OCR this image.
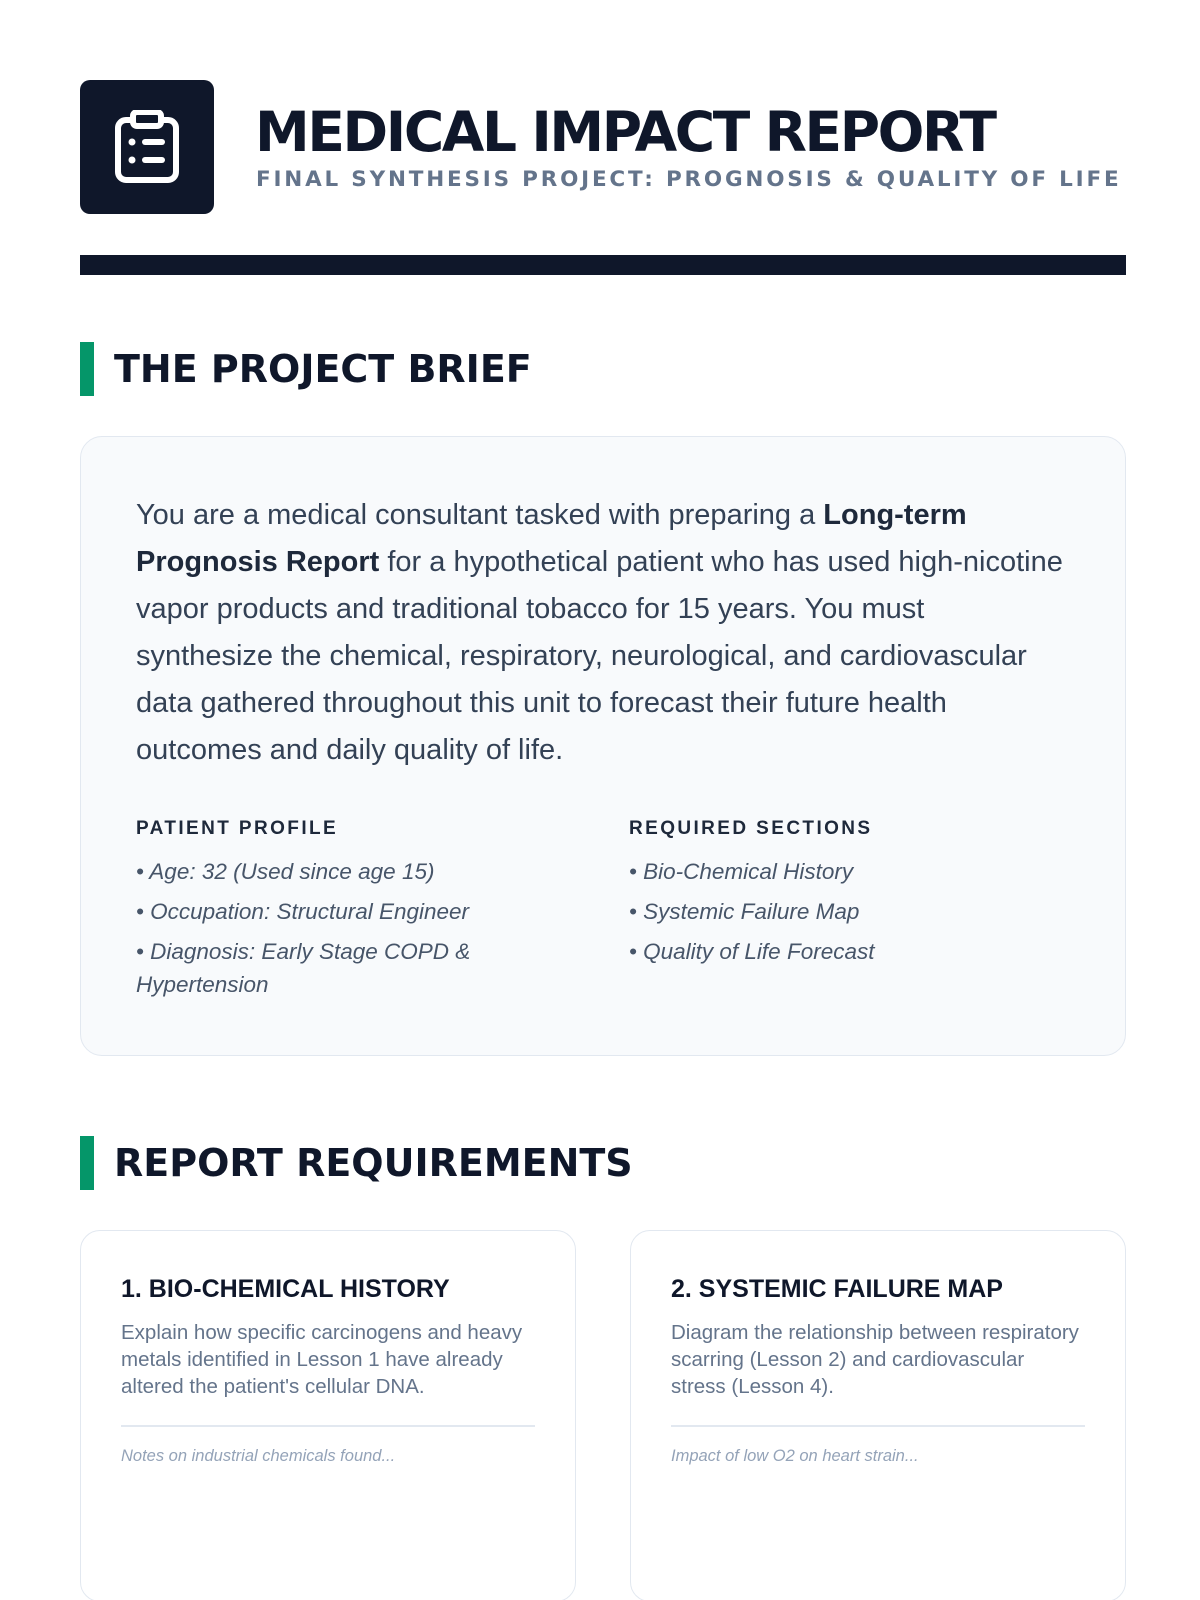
MEDICAL IMPACT REPORT
FINAL SYNTHESIS PROJECT: PROGNOSIS & QUALITY OF LIFE
THE PROJECT BRIEF

You are a medical consultant tasked with preparing a Long-term Prognosis Report for a hypothetical patient who has used high-nicotine vapor products and traditional tobacco for 15 years. You must synthesize the chemical, respiratory, neurological, and cardiovascular data gathered throughout this unit to forecast their future health outcomes and daily quality of life.

PATIENT PROFILE
• Age: 32 (Used since age 15)
• Occupation: Structural Engineer
• Diagnosis: Early Stage COPD & Hypertension
REQUIRED SECTIONS
• Bio-Chemical History
• Systemic Failure Map
• Quality of Life Forecast
REPORT REQUIREMENTS
1. BIO-CHEMICAL HISTORY
Explain how specific carcinogens and heavy metals identified in Lesson 1 have already altered the patient's cellular DNA.
Notes on industrial chemicals found...
2. SYSTEMIC FAILURE MAP
Diagram the relationship between respiratory scarring (Lesson 2) and cardiovascular stress (Lesson 4).
Impact of low O2 on heart strain...
